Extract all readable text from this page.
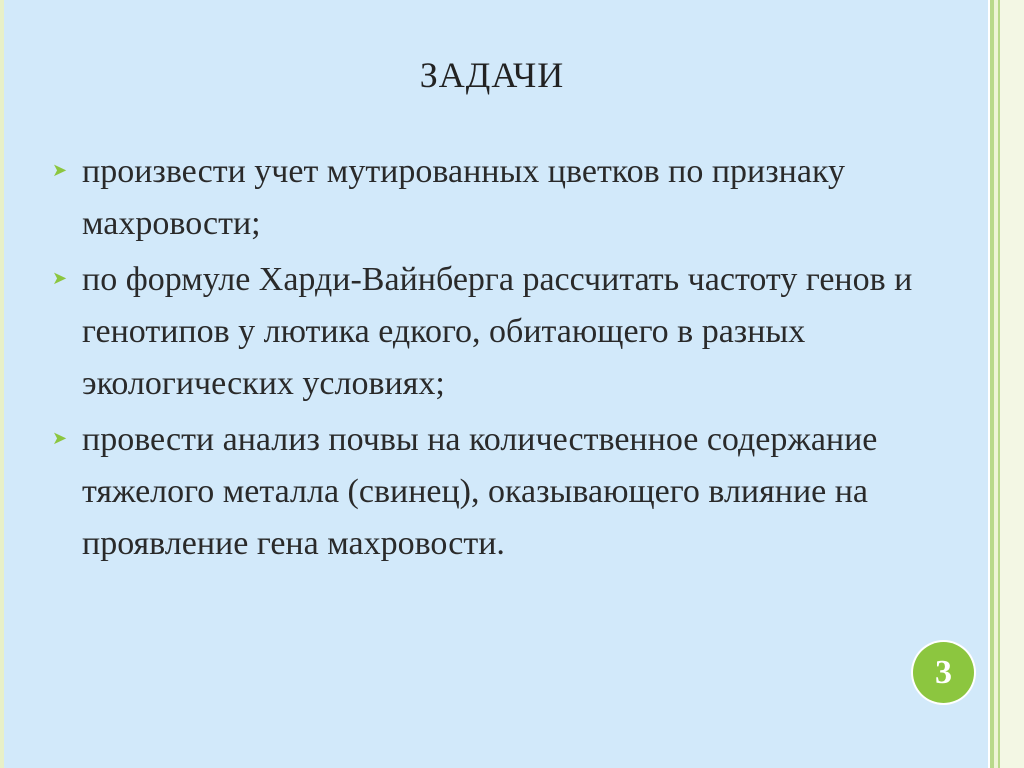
ЗАДАЧИ
➤ произвести учет мутированных цветков по признаку махровости;
➤ по формуле Харди-Вайнберга рассчитать частоту генов и генотипов у лютика едкого, обитающего в разных экологических условиях;
➤ провести анализ почвы на количественное содержание тяжелого металла (свинец), оказывающего влияние на проявление гена махровости.
3
